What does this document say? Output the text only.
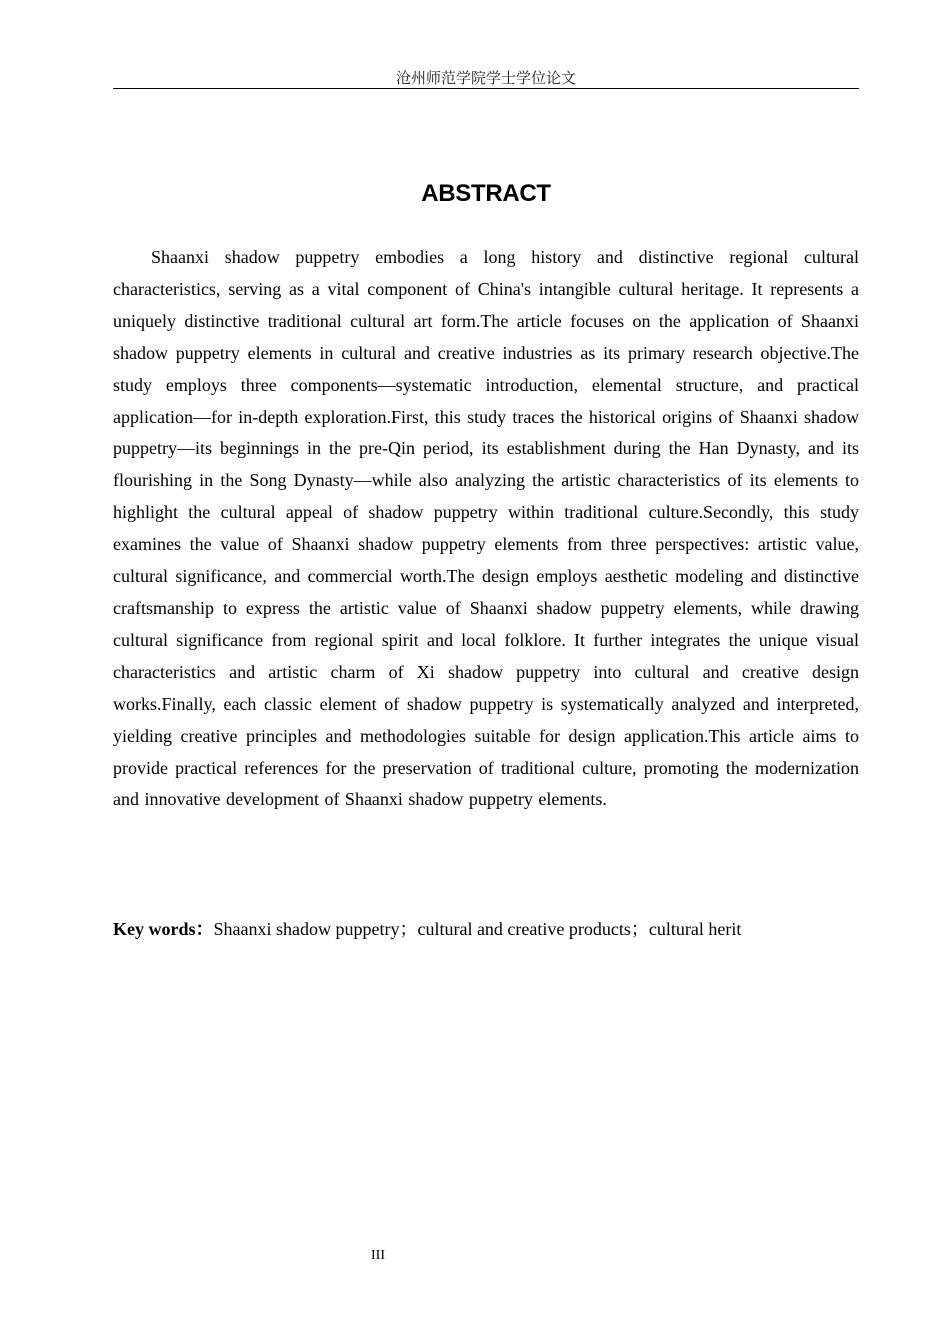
沧州师范学院学士学位论文
ABSTRACT

Shaanxi shadow puppetry embodies a long history and distinctive regional cultural characteristics, serving as a vital component of China's intangible cultural heritage. It represents a uniquely distinctive traditional cultural art form.The article focuses on the application of Shaanxi shadow puppetry elements in cultural and creative industries as its primary research objective.The study employs three components—systematic introduction, elemental structure, and practical application—for in-depth exploration.First, this study traces the historical origins of Shaanxi shadow puppetry—its beginnings in the pre-Qin period, its establishment during the Han Dynasty, and its flourishing in the Song Dynasty—while also analyzing the artistic characteristics of its elements to highlight the cultural appeal of shadow puppetry within traditional culture.Secondly, this study examines the value of Shaanxi shadow puppetry elements from three perspectives: artistic value, cultural significance, and commercial worth.The design employs aesthetic modeling and distinctive craftsmanship to express the artistic value of Shaanxi shadow puppetry elements, while drawing cultural significance from regional spirit and local folklore. It further integrates the unique visual characteristics and artistic charm of Xi shadow puppetry into cultural and creative design works.Finally, each classic element of shadow puppetry is systematically analyzed and interpreted, yielding creative principles and methodologies suitable for design application.This article aims to provide practical references for the preservation of traditional culture, promoting the modernization and innovative development of Shaanxi shadow puppetry elements.

Key words：Shaanxi shadow puppetry；cultural and creative products；cultural herit

III
